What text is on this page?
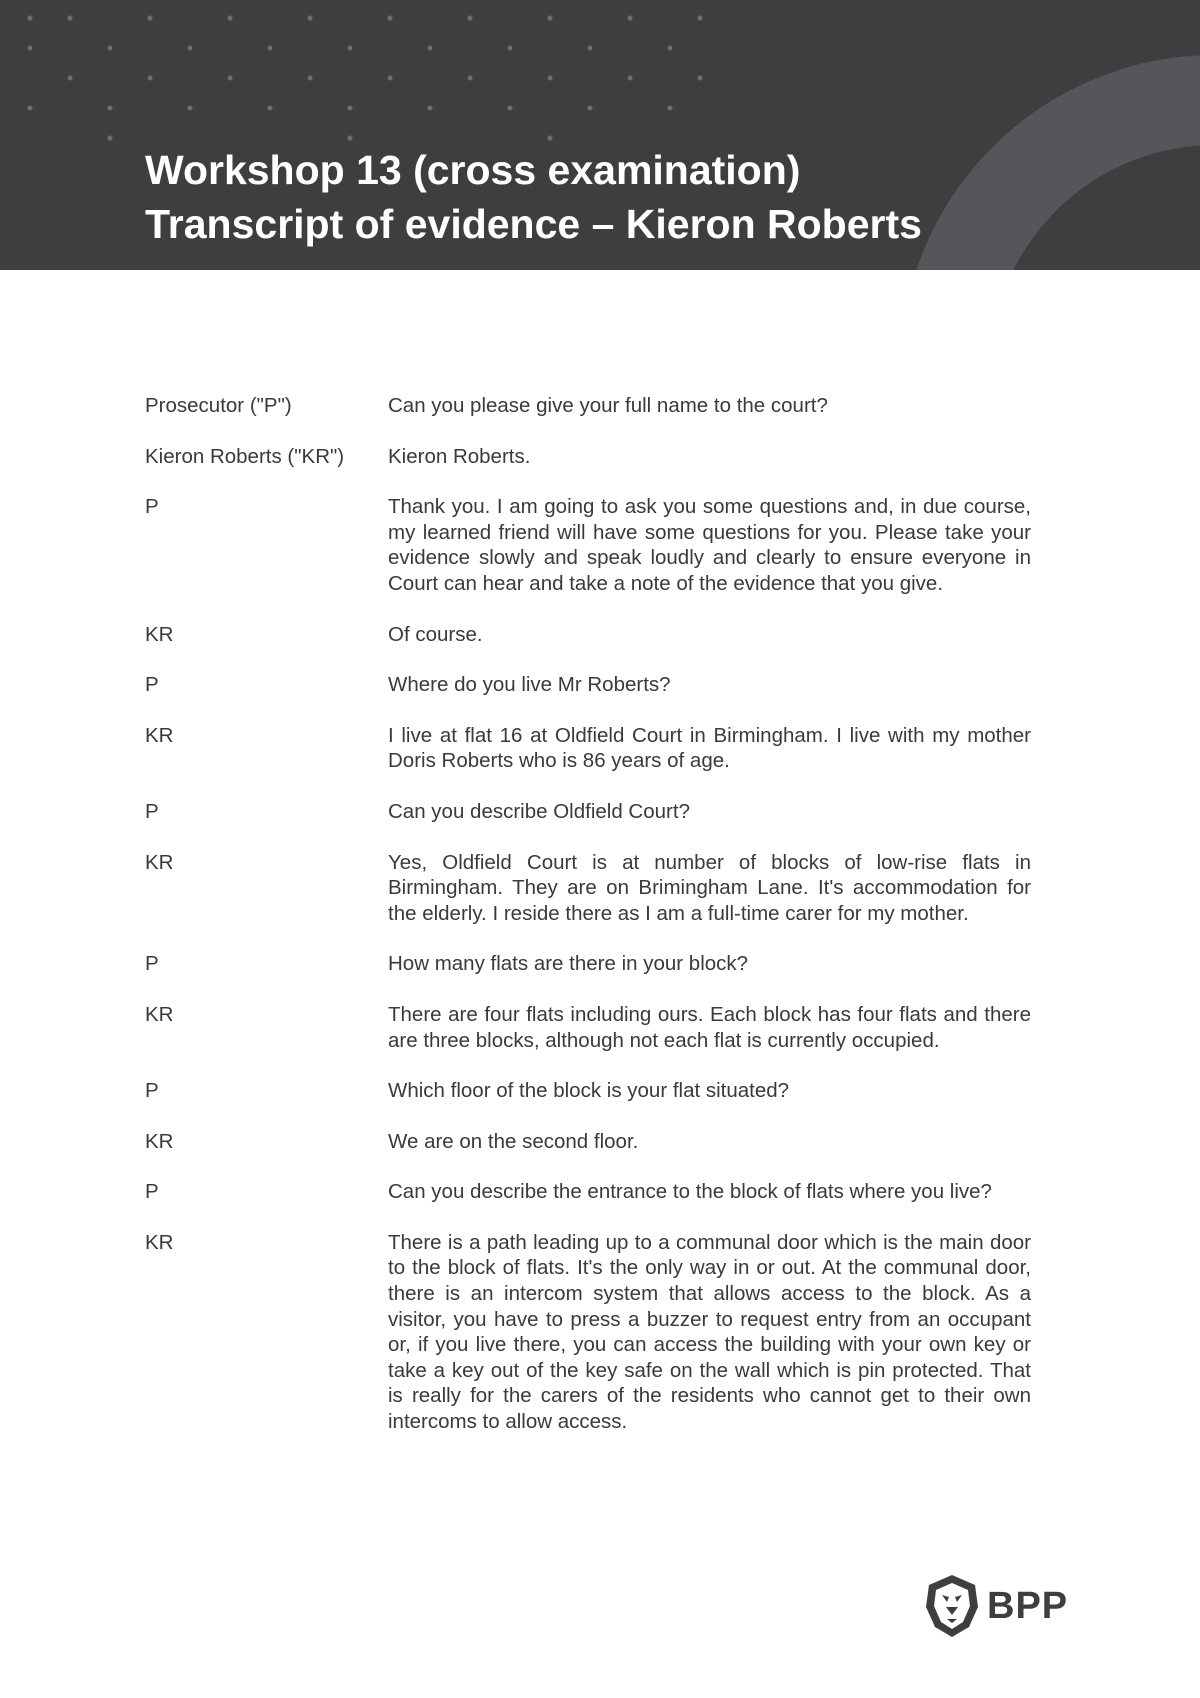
Workshop 13 (cross examination)
Transcript of evidence – Kieron Roberts
Prosecutor ("P")	Can you please give your full name to the court?
Kieron Roberts ("KR")	Kieron Roberts.
P	Thank you. I am going to ask you some questions and, in due course, my learned friend will have some questions for you. Please take your evidence slowly and speak loudly and clearly to ensure everyone in Court can hear and take a note of the evidence that you give.
KR	Of course.
P	Where do you live Mr Roberts?
KR	I live at flat 16 at Oldfield Court in Birmingham. I live with my mother Doris Roberts who is 86 years of age.
P	Can you describe Oldfield Court?
KR	Yes, Oldfield Court is at number of blocks of low-rise flats in Birmingham. They are on Brimingham Lane. It's accommodation for the elderly. I reside there as I am a full-time carer for my mother.
P	How many flats are there in your block?
KR	There are four flats including ours. Each block has four flats and there are three blocks, although not each flat is currently occupied.
P	Which floor of the block is your flat situated?
KR	We are on the second floor.
P	Can you describe the entrance to the block of flats where you live?
KR	There is a path leading up to a communal door which is the main door to the block of flats. It's the only way in or out. At the communal door, there is an intercom system that allows access to the block. As a visitor, you have to press a buzzer to request entry from an occupant or, if you live there, you can access the building with your own key or take a key out of the key safe on the wall which is pin protected. That is really for the carers of the residents who cannot get to their own intercoms to allow access.
BPP
